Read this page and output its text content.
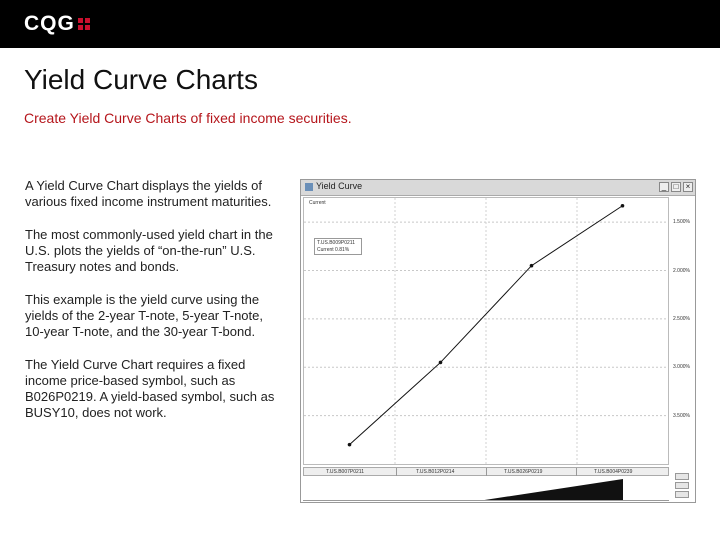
CQG
Yield Curve Charts
Create Yield Curve Charts of fixed income securities.

A Yield Curve Chart displays the yields of various fixed income instrument maturities.

The most commonly-used yield chart in the U.S. plots the yields of “on-the-run” U.S. Treasury notes and bonds.

This example is the yield curve using the yields of the 2-year T-note, 5-year T-note, 10-year T-note, and the 30-year T-bond.

The Yield Curve Chart requires a fixed income price-based symbol, such as B026P0219. A yield-based symbol, such as BUSY10, does not work.

Yield Curve	_ □ ×
Current
T.US.B009P0211
Current 0.81%
3.500%
3.000%
2.500%
2.000%
1.500%
T.US.B007P0211	T.US.B012P0214	T.US.B026P0219	T.US.B004P0239
